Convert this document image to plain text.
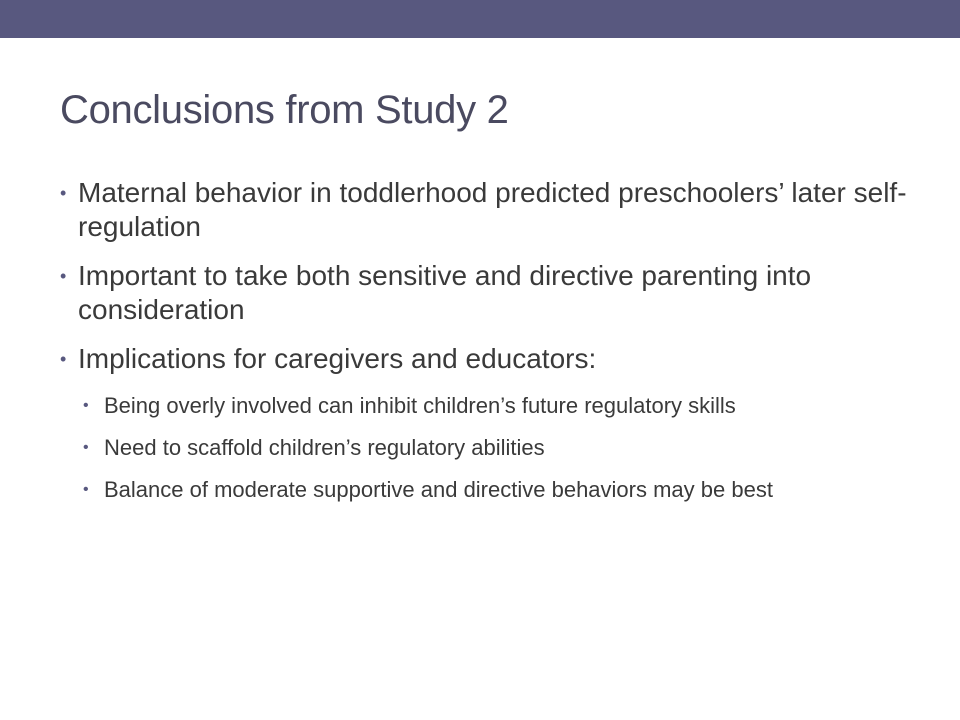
Conclusions from Study 2
• Maternal behavior in toddlerhood predicted preschoolers’ later self-regulation
• Important to take both sensitive and directive parenting into consideration
• Implications for caregivers and educators:
• Being overly involved can inhibit children’s future regulatory skills
• Need to scaffold children’s regulatory abilities
• Balance of moderate supportive and directive behaviors may be best
